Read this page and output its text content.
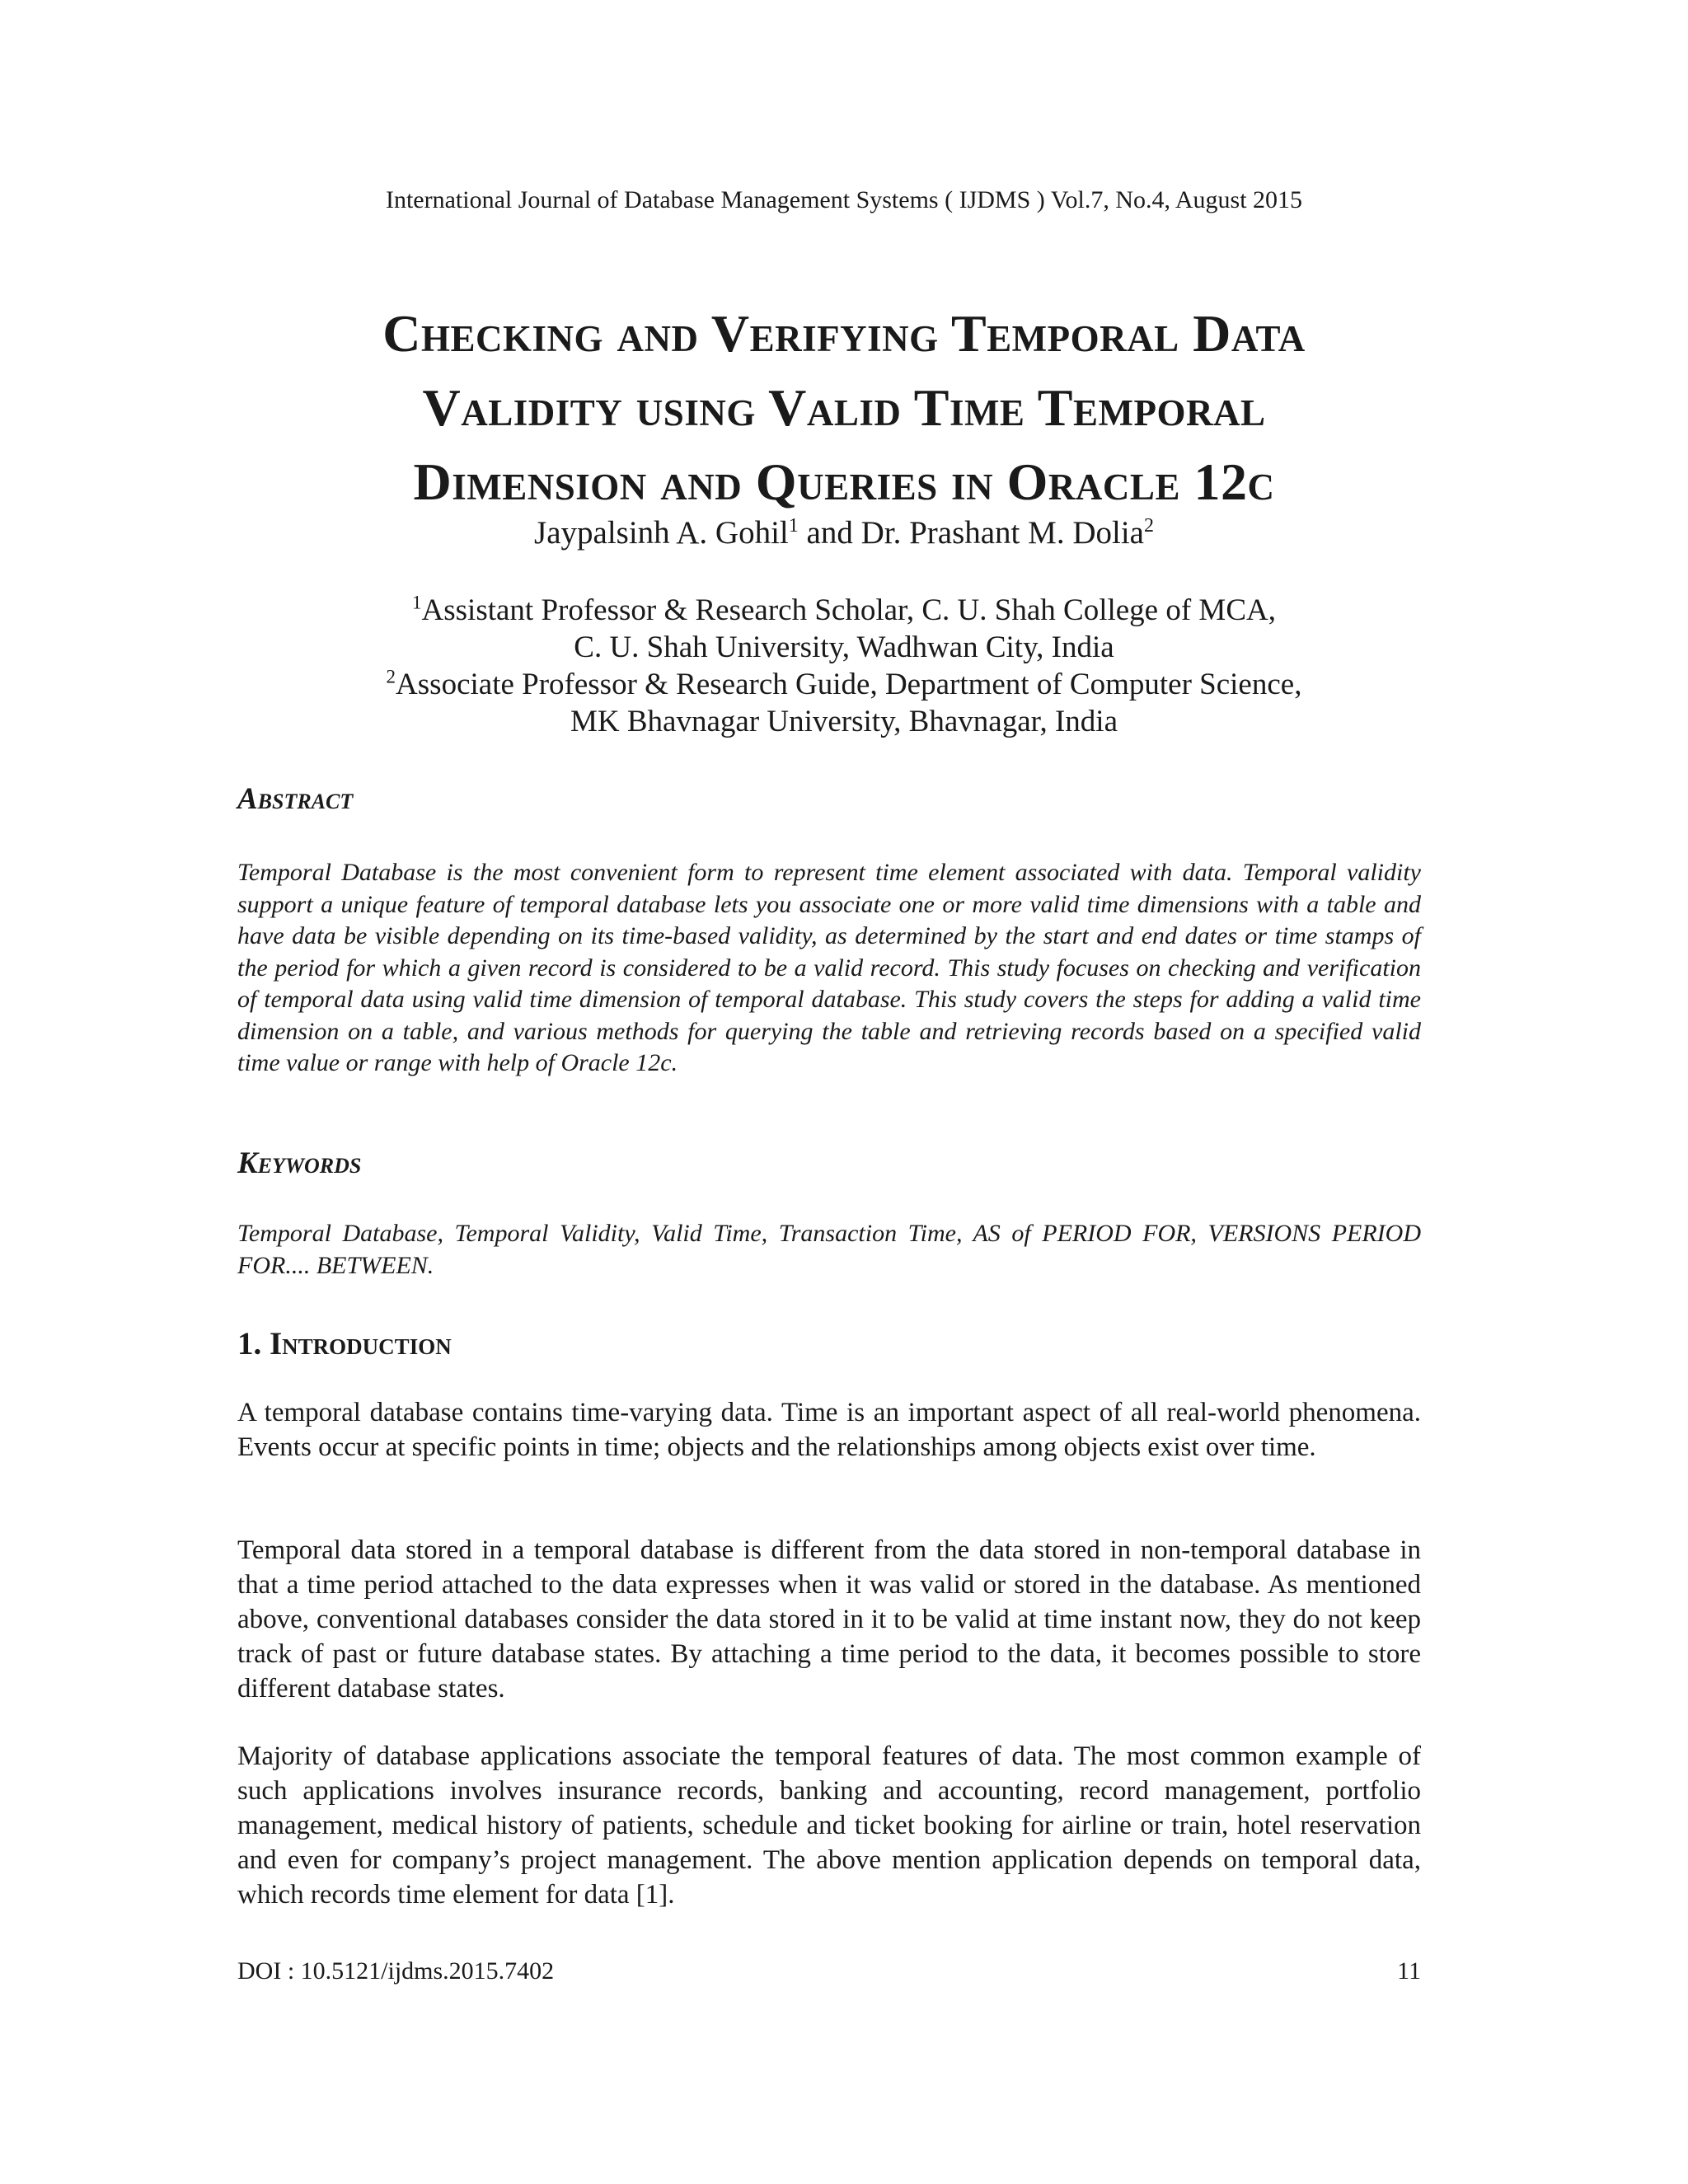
International Journal of Database Management Systems ( IJDMS ) Vol.7, No.4, August 2015
Checking and Verifying Temporal Data
Validity using Valid Time Temporal
Dimension and Queries in Oracle 12c
Jaypalsinh A. Gohil$^1$ and Dr. Prashant M. Dolia$^2$
$^1$Assistant Professor & Research Scholar, C. U. Shah College of MCA,
C. U. Shah University, Wadhwan City, India
$^2$Associate Professor & Research Guide, Department of Computer Science,
MK Bhavnagar University, Bhavnagar, India
Abstract
Temporal Database is the most convenient form to represent time element associated with data. Temporal validity support a unique feature of temporal database lets you associate one or more valid time dimensions with a table and have data be visible depending on its time-based validity, as determined by the start and end dates or time stamps of the period for which a given record is considered to be a valid record. This study focuses on checking and verification of temporal data using valid time dimension of temporal database. This study covers the steps for adding a valid time dimension on a table, and various methods for querying the table and retrieving records based on a specified valid time value or range with help of Oracle 12c.
Keywords
Temporal Database, Temporal Validity, Valid Time, Transaction Time, AS of PERIOD FOR, VERSIONS PERIOD FOR.... BETWEEN.
1. Introduction
A temporal database contains time-varying data. Time is an important aspect of all real-world phenomena. Events occur at specific points in time; objects and the relationships among objects exist over time.
Temporal data stored in a temporal database is different from the data stored in non-temporal database in that a time period attached to the data expresses when it was valid or stored in the database. As mentioned above, conventional databases consider the data stored in it to be valid at time instant now, they do not keep track of past or future database states. By attaching a time period to the data, it becomes possible to store different database states.
Majority of database applications associate the temporal features of data. The most common example of such applications involves insurance records, banking and accounting, record management, portfolio management, medical history of patients, schedule and ticket booking for airline or train, hotel reservation and even for company’s project management. The above mention application depends on temporal data, which records time element for data [1].
DOI : 10.5121/ijdms.2015.7402	11
